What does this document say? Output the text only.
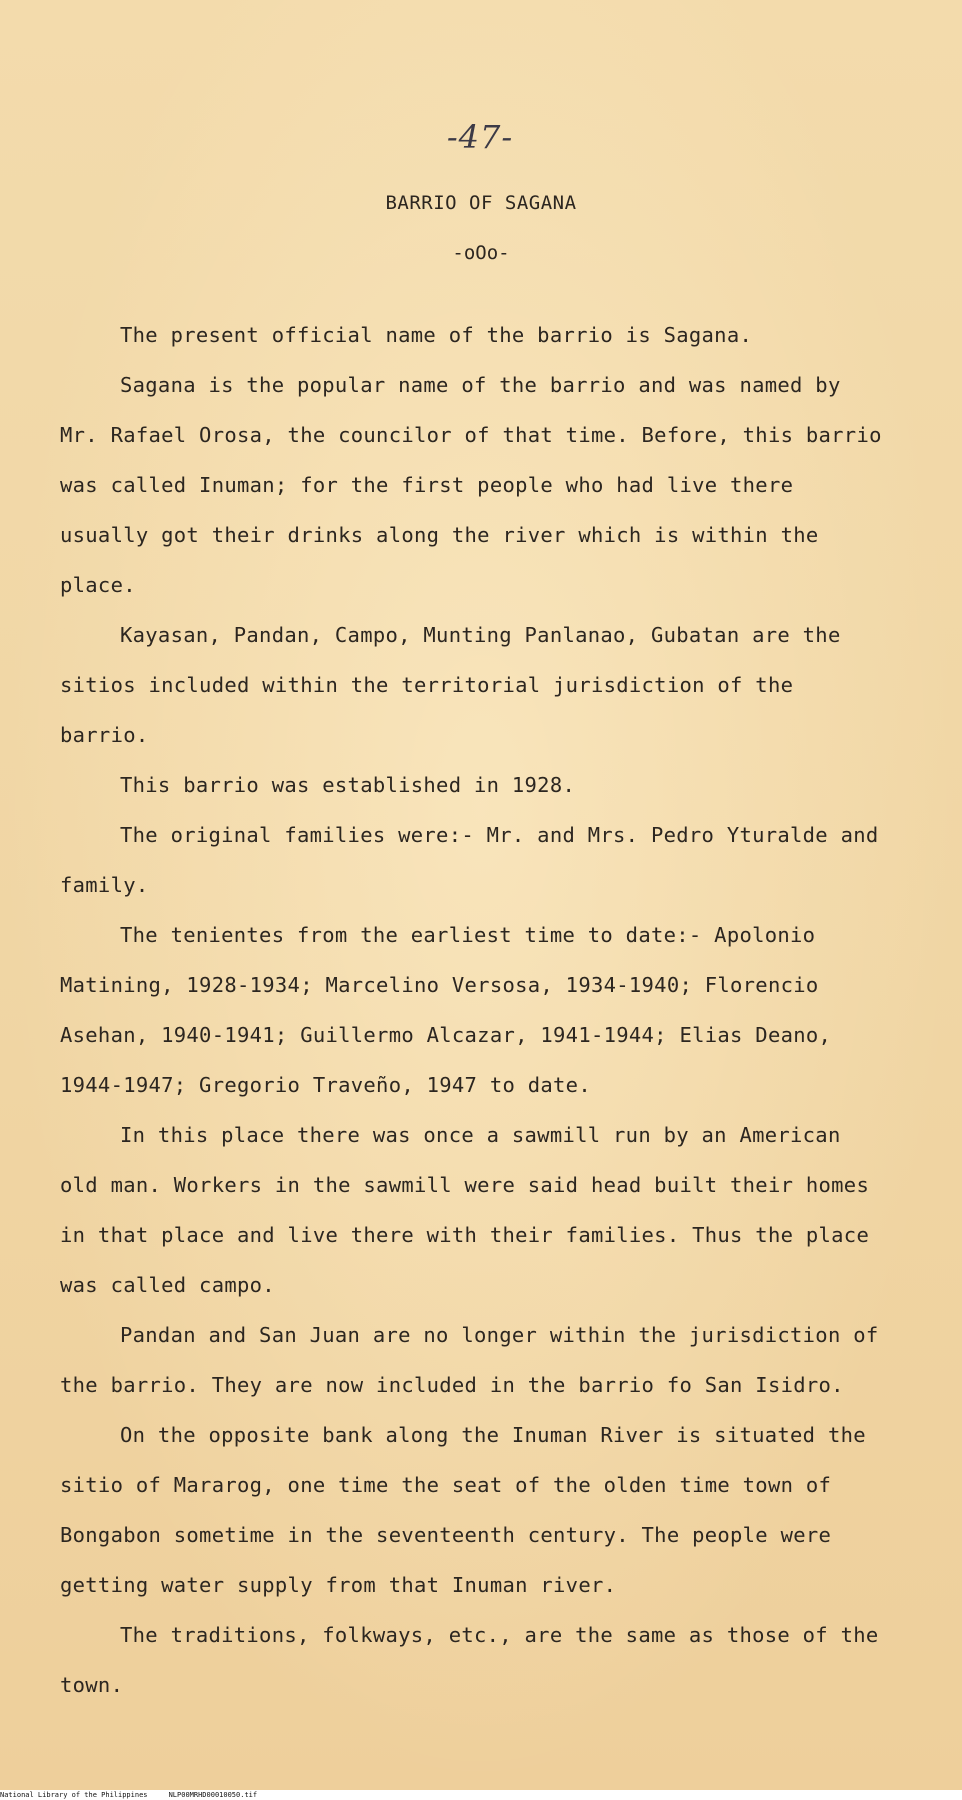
-47-
BARRIO OF SAGANA
-oOo-

The present official name of the barrio is Sagana.

Sagana is the popular name of the barrio and was named by Mr. Rafael Orosa, the councilor of that time. Before, this barrio was called Inuman; for the first people who had live there usually got their drinks along the river which is within the place.

Kayasan, Pandan, Campo, Munting Panlanao, Gubatan are the sitios included within the territorial jurisdiction of the barrio.

This barrio was established in 1928.

The original families were:- Mr. and Mrs. Pedro Yturalde and family.

The tenientes from the earliest time to date:- Apolonio Matining, 1928-1934; Marcelino Versosa, 1934-1940; Florencio Asehan, 1940-1941; Guillermo Alcazar, 1941-1944; Elias Deano, 1944-1947; Gregorio Traveño, 1947 to date.

In this place there was once a sawmill run by an American old man. Workers in the sawmill were said head built their homes in that place and live there with their families. Thus the place was called campo.

Pandan and San Juan are no longer within the jurisdiction of the barrio. They are now included in the barrio fo San Isidro.

On the opposite bank along the Inuman River is situated the sitio of Mararog, one time the seat of the olden time town of Bongabon sometime in the seventeenth century. The people were getting water supply from that Inuman river.

The traditions, folkways, etc., are the same as those of the town.

National Library of the Philippines	NLP00MRHD00010050.tif
